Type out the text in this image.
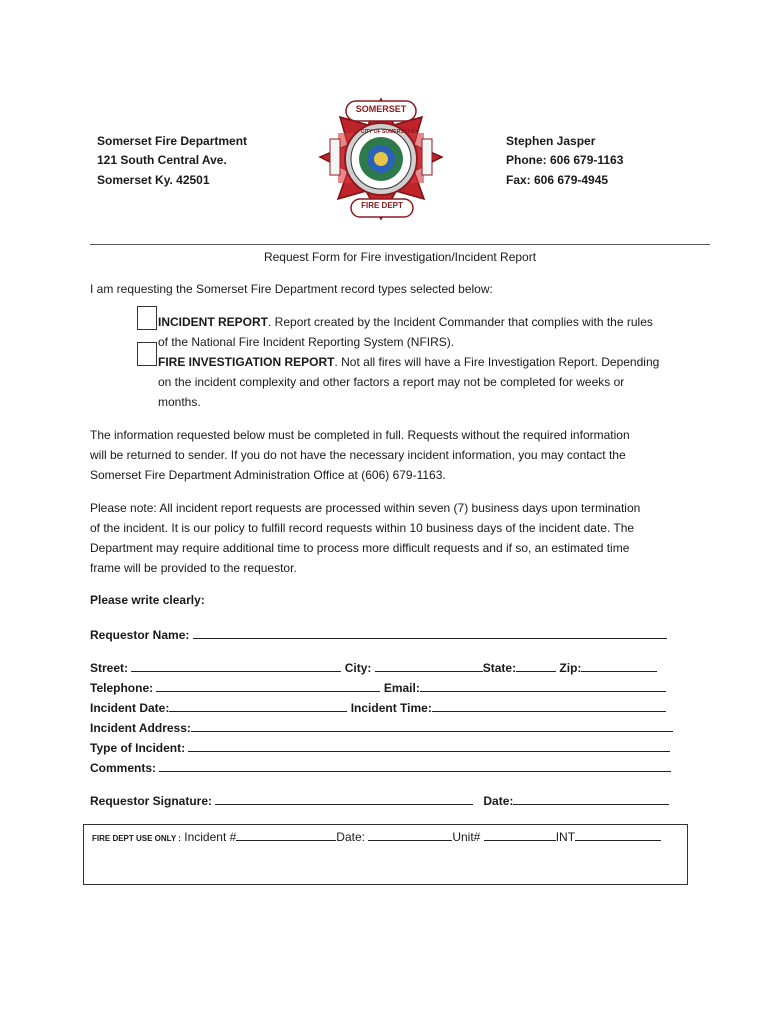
Somerset Fire Department
121 South Central Ave.
Somerset Ky. 42501
SOMERSET
FIRE DEPT
CITY OF SOMERSET KY
1888
Stephen Jasper
Phone: 606 679-1163
Fax: 606 679-4945
Request Form for Fire investigation/Incident Report
I am requesting the Somerset Fire Department record types selected below:
INCIDENT REPORT. Report created by the Incident Commander that complies with the rules
of the National Fire Incident Reporting System (NFIRS).
FIRE INVESTIGATION REPORT. Not all fires will have a Fire Investigation Report. Depending
on the incident complexity and other factors a report may not be completed for weeks or
months.
The information requested below must be completed in full. Requests without the required information
will be returned to sender. If you do not have the necessary incident information, you may contact the
Somerset Fire Department Administration Office at (606) 679-1163.
Please note: All incident report requests are processed within seven (7) business days upon termination
of the incident. It is our policy to fulfill record requests within 10 business days of the incident date. The
Department may require additional time to process more difficult requests and if so, an estimated time
frame will be provided to the requestor.
Please write clearly:
Requestor Name:
Street:	City:	State:	Zip:
Telephone:	Email:
Incident Date:	Incident Time:
Incident Address:
Type of Incident:
Comments:
Requestor Signature:	Date:
FIRE DEPT USE ONLY : Incident #	Date:	Unit#	INT
